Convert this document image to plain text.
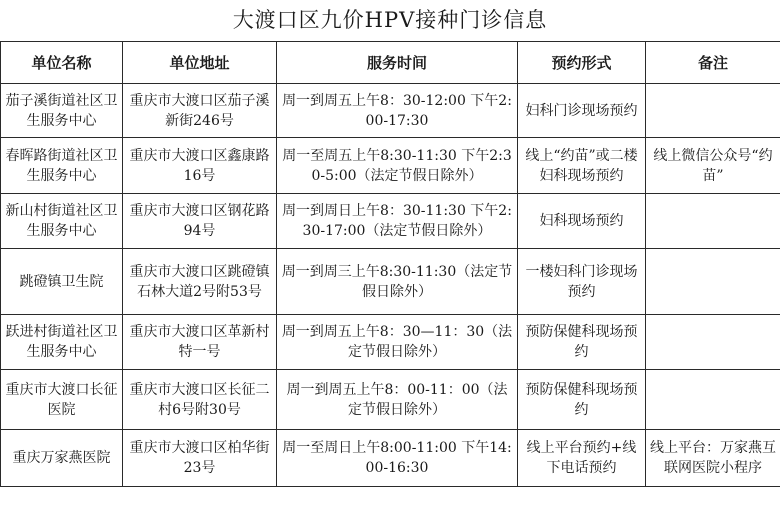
大渡口区九价HPV接种门诊信息
单位名称	单位地址	服务时间	预约形式	备注
茄子溪街道社区卫生服务中心	重庆市大渡口区茄子溪新街246号	周一到周五上午8：30-12:00 下午2:00-17:30	妇科门诊现场预约	
春晖路街道社区卫生服务中心	重庆市大渡口区鑫康路16号	周一至周五上午8:30-11:30 下午2:30-5:00（法定节假日除外）	线上“约苗”或二楼妇科现场预约	线上微信公众号“约苗”
新山村街道社区卫生服务中心	重庆市大渡口区钢花路94号	周一到周日上午8：30-11:30 下午2:30-17:00（法定节假日除外）	妇科现场预约	
跳磴镇卫生院	重庆市大渡口区跳磴镇石林大道2号附53号	周一到周三上午8:30-11:30（法定节假日除外）	一楼妇科门诊现场预约	
跃进村街道社区卫生服务中心	重庆市大渡口区革新村特一号	周一到周五上午8：30—11：30（法定节假日除外）	预防保健科现场预约	
重庆市大渡口长征医院	重庆市大渡口区长征二村6号附30号	周一到周五上午8：00-11：00（法定节假日除外）	预防保健科现场预约	
重庆万家燕医院	重庆市大渡口区柏华街23号	周一至周日上午8:00-11:00 下午14:00-16:30	线上平台预约+线下电话预约	线上平台：万家燕互联网医院小程序
